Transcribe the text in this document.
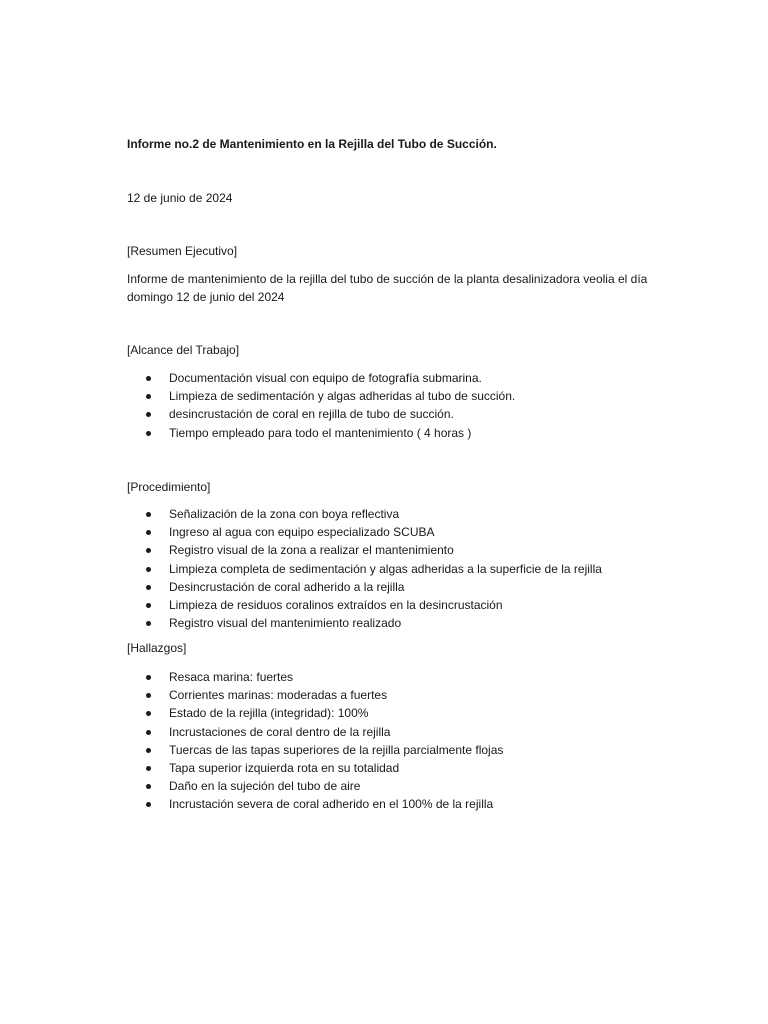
Informe no.2 de Mantenimiento en la Rejilla del Tubo de Succión.
12 de junio de 2024
[Resumen Ejecutivo]
Informe de mantenimiento de la rejilla del tubo de succión de la planta desalinizadora veolia el día domingo 12 de junio del 2024
[Alcance del Trabajo]
Documentación visual con equipo de fotografía submarina.
Limpieza de sedimentación y algas adheridas al tubo de succión.
desincrustación de coral en rejilla de tubo de succión.
Tiempo empleado para todo el mantenimiento ( 4 horas )
[Procedimiento]
Señalización de la zona con boya reflectiva
Ingreso al agua con equipo especializado SCUBA
Registro visual de la zona a realizar el mantenimiento
Limpieza completa de sedimentación y algas adheridas a la superficie de la rejilla
Desincrustación de coral adherido a la rejilla
Limpieza de residuos coralinos extraídos en la desincrustación
Registro visual del mantenimiento realizado
[Hallazgos]
Resaca marina: fuertes
Corrientes marinas: moderadas a fuertes
Estado de la rejilla (integridad): 100%
Incrustaciones de coral dentro de la rejilla
Tuercas de las tapas superiores de la rejilla parcialmente flojas
Tapa superior izquierda rota en su totalidad
Daño en la sujeción del tubo de aire
Incrustación severa de coral adherido en el 100% de la rejilla
